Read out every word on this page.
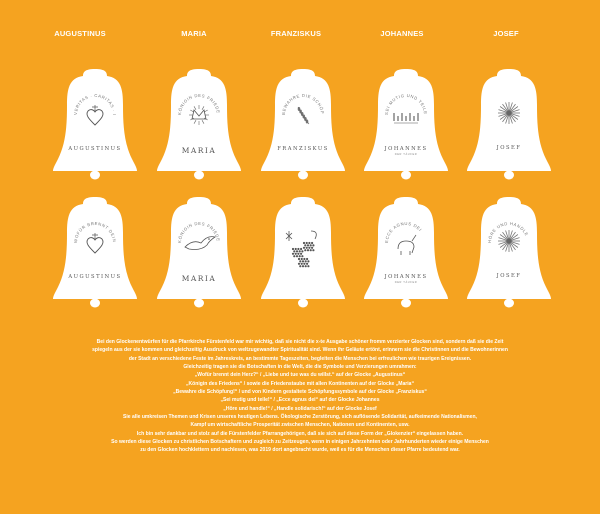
AUGUSTINUS	MARIA	FRANZISKUS	JOHANNES	JOSEF
VERITAS · CARITAS · I
AUGUSTINUS
KÖNIGIN DES FRIEDE
MARIA
BEWAHRE DIE SCHÖP
FRANZISKUS
SEI MUTIG UND TEILE
JOHANNES
DER TÄUFER
JOSEF
WOFÜR BRENNT DEIN
AUGUSTINUS
KÖNIGIN DES FRIEDE
MARIA
ECCE AGNUS DEI
JOHANNES
DER TÄUFER
HÖRE UND HANDLE
JOSEF

Bei den Glockenentwürfen für die Pfarrkirche Fürstenfeld war mir wichtig, daß sie nicht die x-te Ausgabe schöner fromm verzierter Glocken sind, sondern daß sie die Zeit

spiegeln aus der sie kommen und gleichzeitig Ausdruck von weltzugewandter Spiritualität sind. Wenn ihr Geläute ertönt, erinnern sie die Christinnen und die Bewohnerinnen

der Stadt an verschiedene Feste im Jahreskreis, an bestimmte Tageszeiten, begleiten die Menschen bei erfreulichen wie traurigen Ereignissen.

Gleichzeitig tragen sie die Botschaften in die Welt, die die Symbole und Verzierungen umrahmen:

„Wofür brennt dein Herz?“ / „Liebe und tue was du willst.“ auf der Glocke „Augustinus“

„Königin des Friedens“ / sowie die Friedenstaube mit allen Kontinenten auf der Glocke „Maria“

„Bewahre die Schöpfung!“ / und von Kindern gestaltete Schöpfungssymbole auf der Glocke „Franziskus“

„Sei mutig und teile!“ / „Ecce agnus dei“ auf der Glocke Johannes

„Höre und handle!“ / „Handle solidarisch!“ auf der Glocke Josef

Sie alle umkreisen Themen und Krisen unseres heutigen Lebens. Ökologische Zerstörung, sich auflösende Solidarität, aufkeimende Nationalismen,

Kampf um wirtschaftliche Prosperität zwischen Menschen, Nationen und Kontinenten, usw.

Ich bin sehr dankbar und stolz auf die Fürstenfelder Pfarrangehörigen, daß sie sich auf diese Form der „Glokenzier“ eingelassen haben.

So werden diese Glocken zu christlichen Botschaftern und zugleich zu Zeitzeugen, wenn in einigen Jahrzehnten oder Jahrhunderten wieder einige Menschen

zu den Glocken hochklettern und nachlesen, was 2019 dort angebracht wurde, weil es für die Menschen dieser Pfarre bedeutend war.
